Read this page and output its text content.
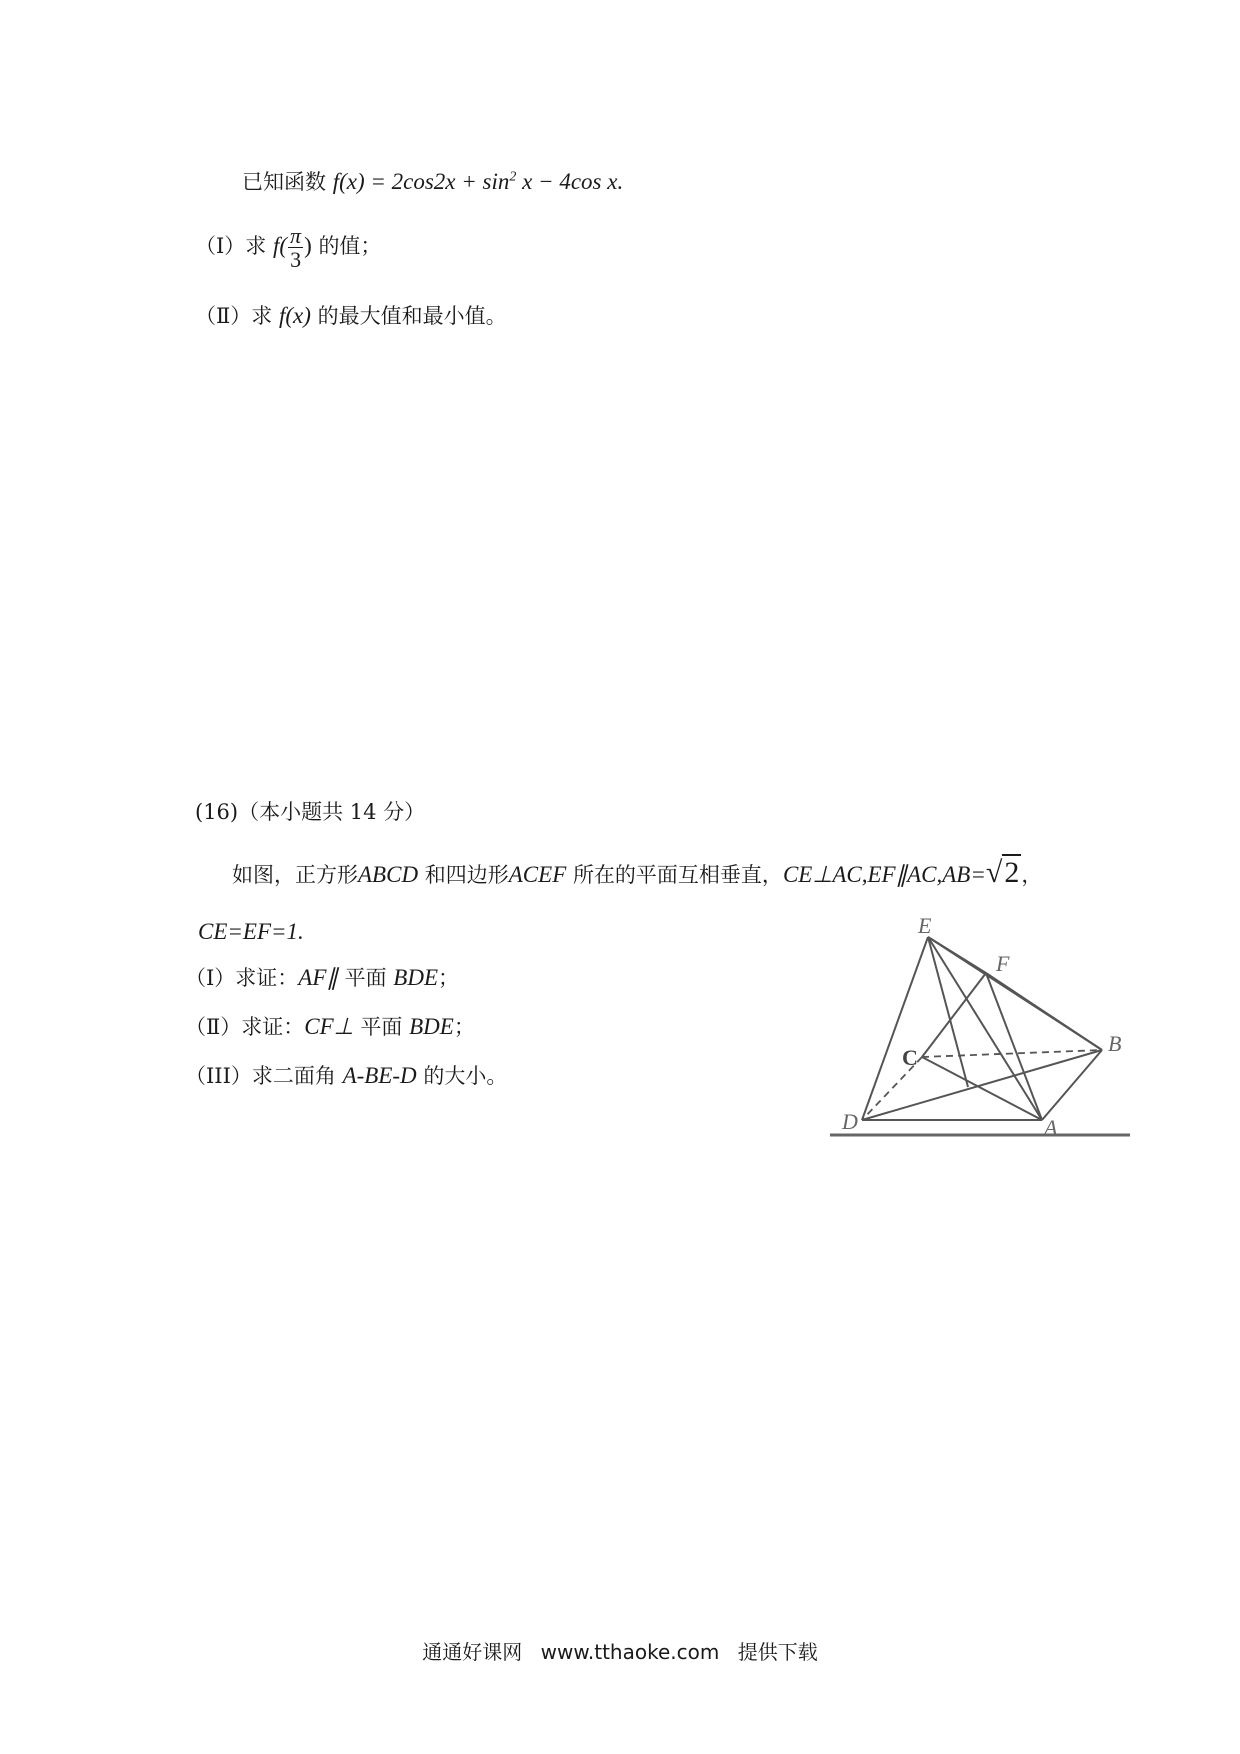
已知函数 $f(x) = 2\cos 2x + \sin^2 x - 4\cos$ x.
（Ⅰ）求 $f( \frac{\pi}{3}$ ) 的值；
（Ⅱ）求 f(x) 的最大值和最小值。
(16)（本小题共 14 分）
如图，正方形ABCD 和四边形ACEF 所在的平面互相垂直，CE⊥AC,EF∥AC,AB=√2，
CE=EF=1.
（Ⅰ）求证：AF∥ 平面 BDE；
（Ⅱ）求证：CF⊥ 平面 BDE；
（III）求二面角 A-BE-D 的大小。
E
F
C
B
D	A
通通好课网 www.tthaoke.com 提供下载
